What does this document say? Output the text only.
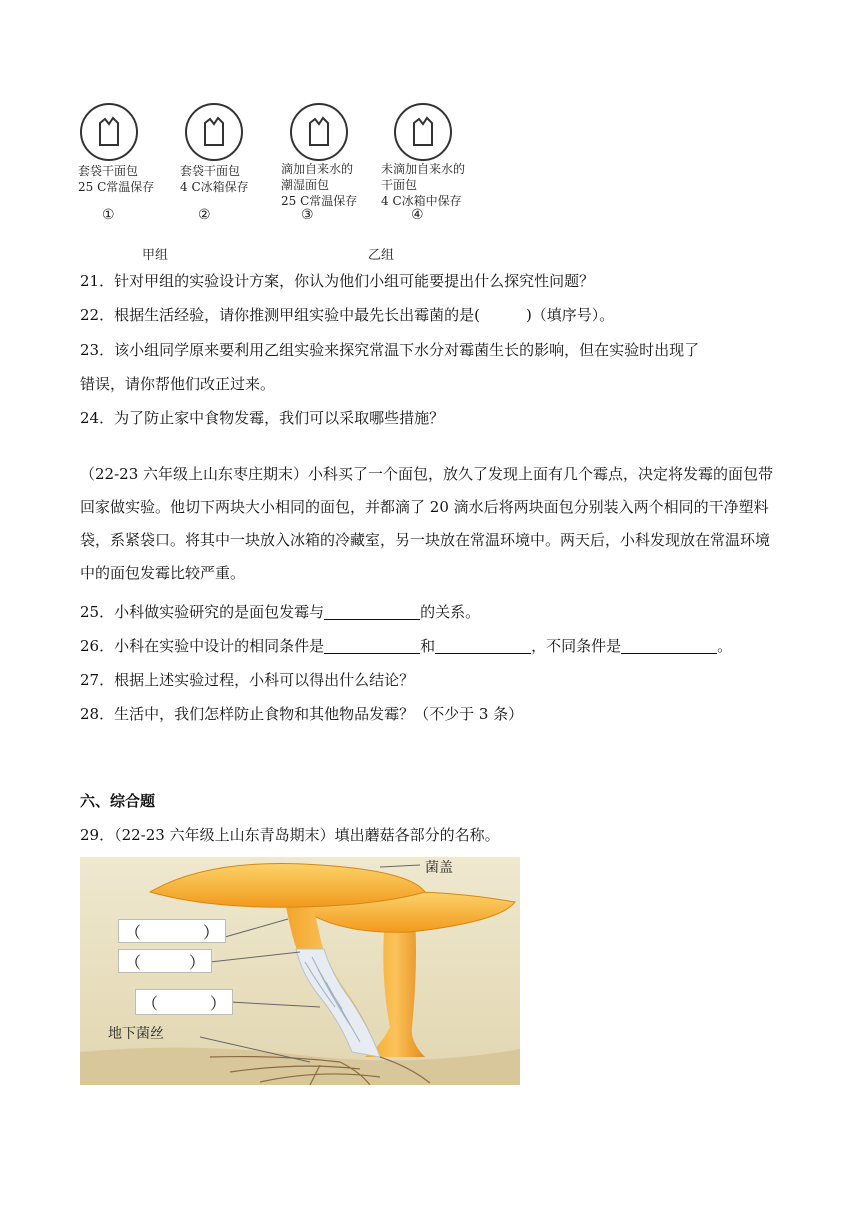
套袋干面包
25 C常温保存
套袋干面包
4 C冰箱保存
滴加自来水的
潮湿面包
25 C常温保存
未滴加自来水的
干面包
4 C冰箱中保存
①	②	③	④
甲组	乙组
21．针对甲组的实验设计方案，你认为他们小组可能要提出什么探究性问题？
22．根据生活经验，请你推测甲组实验中最先长出霉菌的是(	)（填序号）。
23．该小组同学原来要利用乙组实验来探究常温下水分对霉菌生长的影响，但在实验时出现了
错误，请你帮他们改正过来。
24．为了防止家中食物发霉，我们可以采取哪些措施？
（22-23 六年级上山东枣庄期末）小科买了一个面包，放久了发现上面有几个霉点，决定将发霉的面包带回家做实验。他切下两块大小相同的面包，并都滴了 20 滴水后将两块面包分别装入两个相同的干净塑料袋，系紧袋口。将其中一块放入冰箱的冷藏室，另一块放在常温环境中。两天后，小科发现放在常温环境中的面包发霉比较严重。
25．小科做实验研究的是面包发霉与	的关系。
26．小科在实验中设计的相同条件是	和	，不同条件是	。
27．根据上述实验过程，小科可以得出什么结论？
28．生活中，我们怎样防止食物和其他物品发霉？（不少于 3 条）
六、综合题
29．（22-23 六年级上山东青岛期末）填出蘑菇各部分的名称。
菌盖
（	）
（	）
（	）
地下菌丝
